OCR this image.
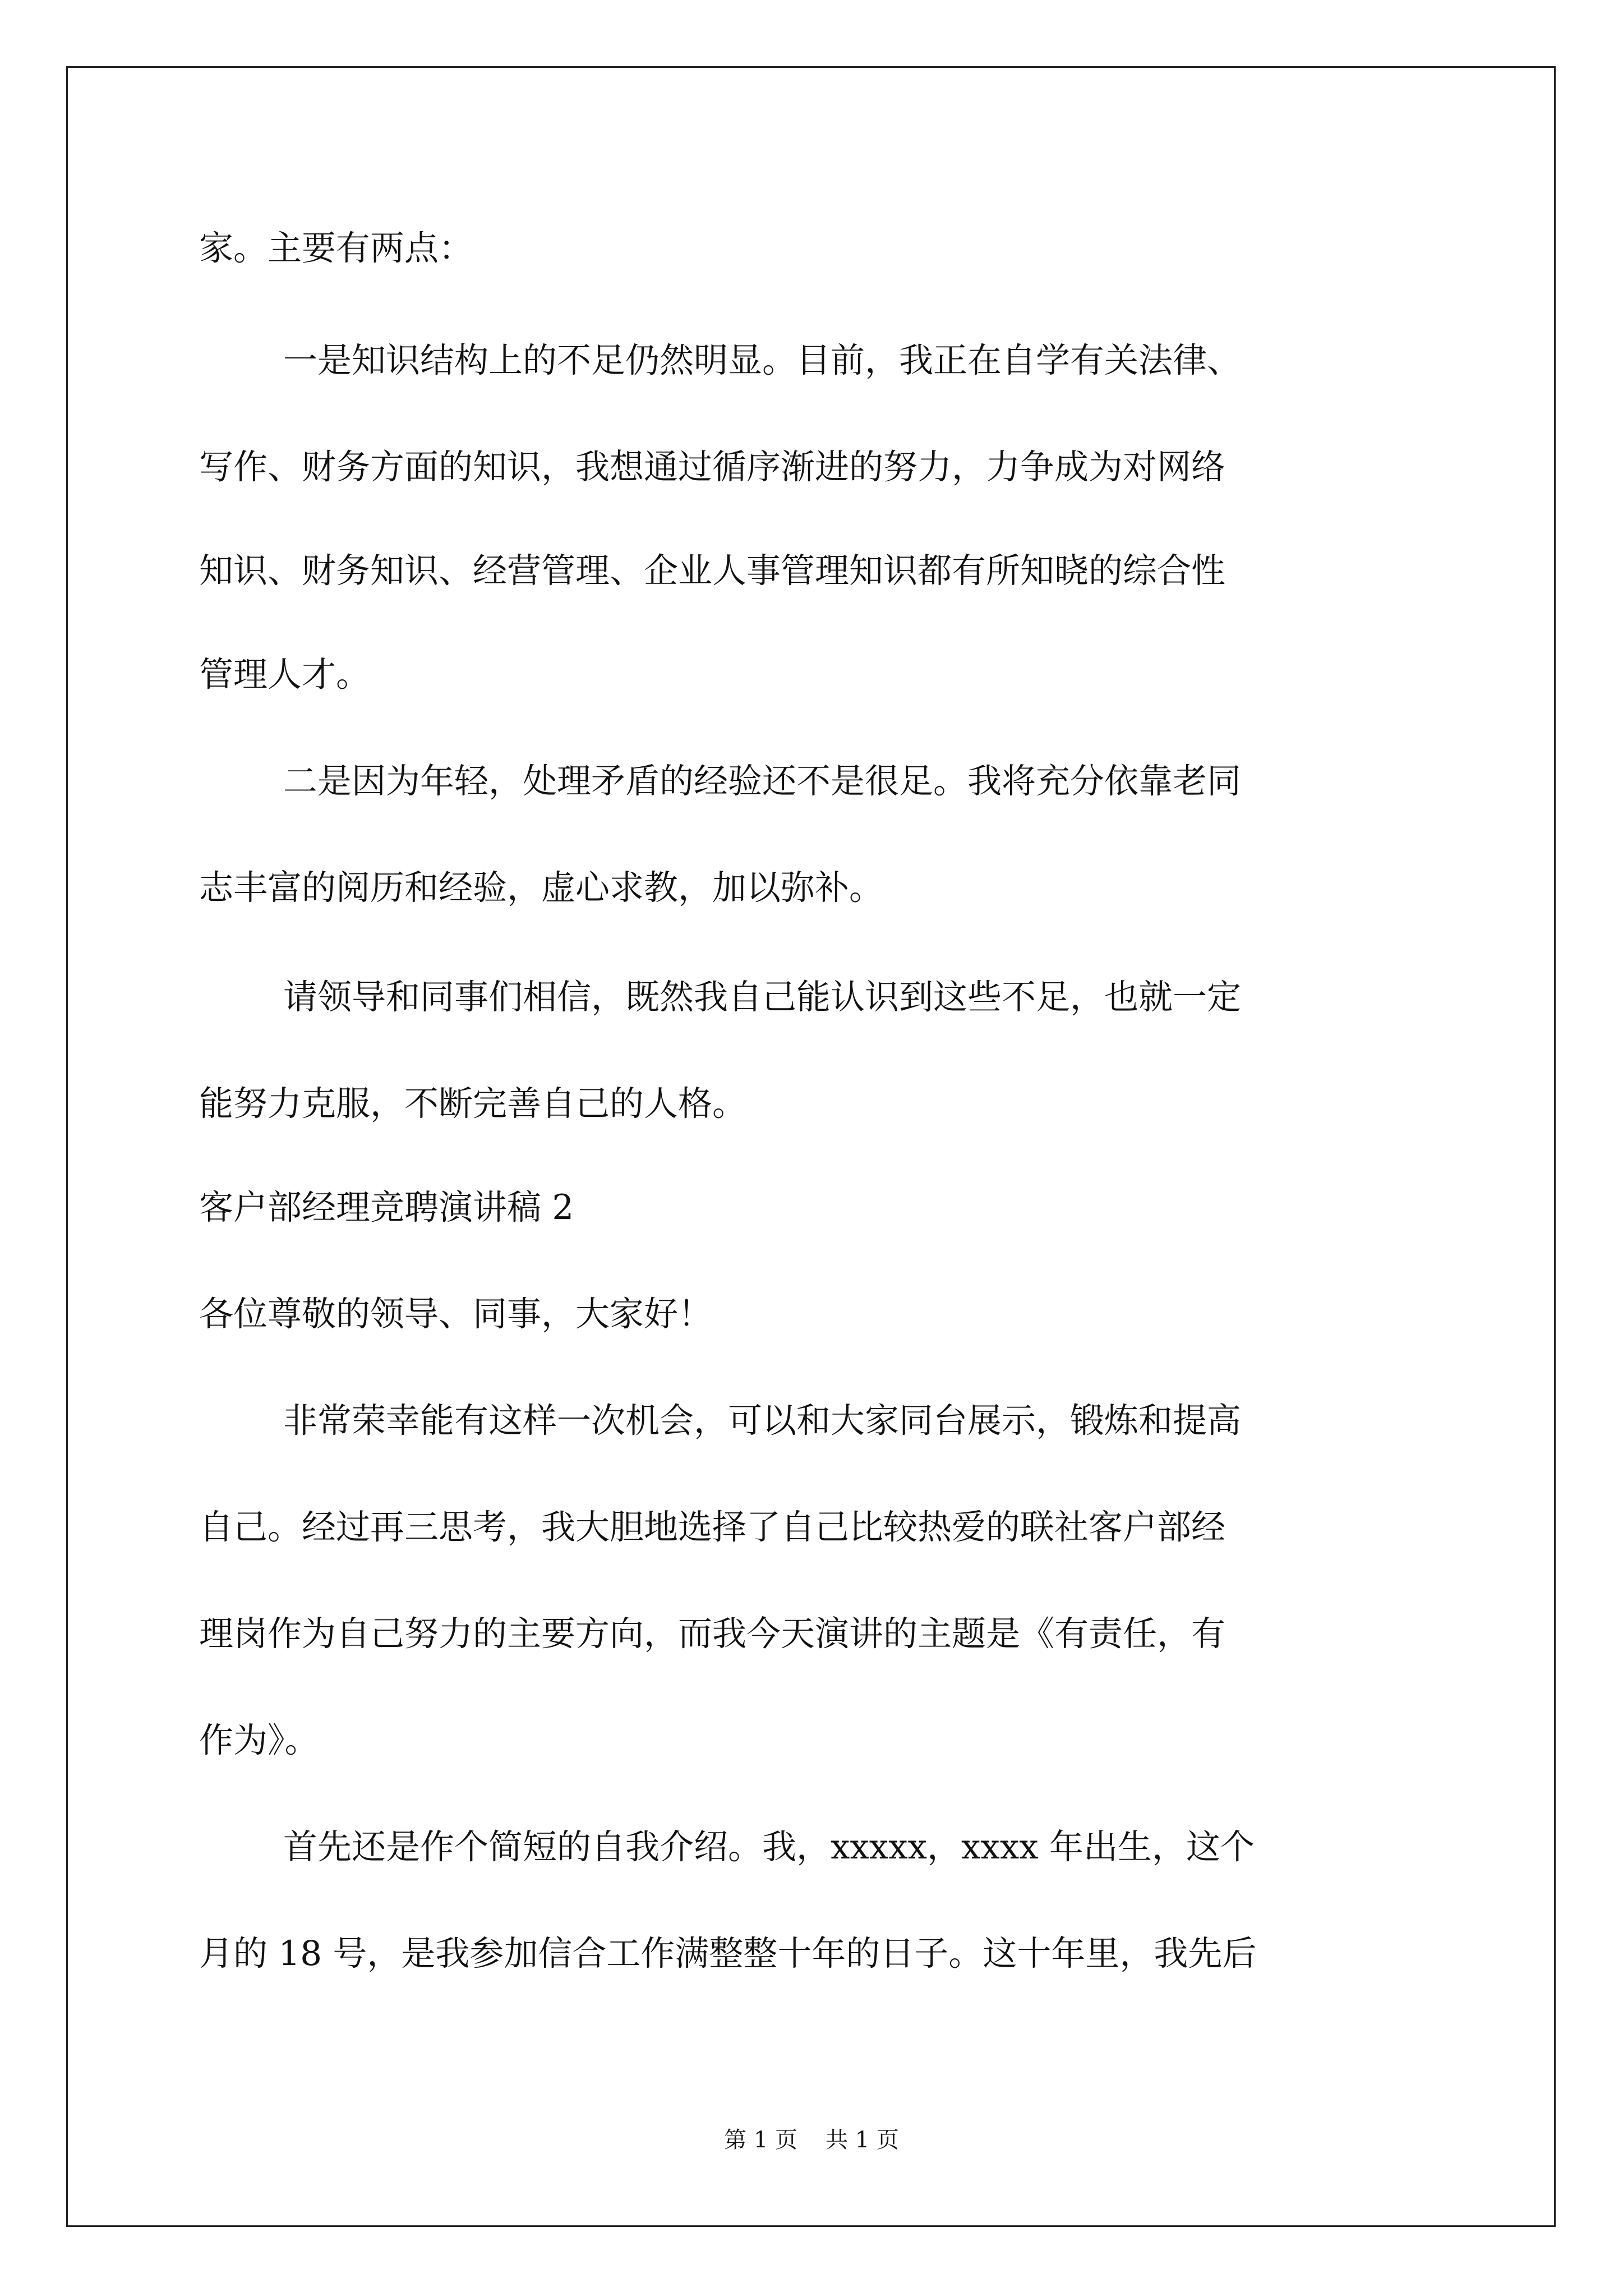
家。主要有两点：

一是知识结构上的不足仍然明显。目前，我正在自学有关法律、

写作、财务方面的知识，我想通过循序渐进的努力，力争成为对网络

知识、财务知识、经营管理、企业人事管理知识都有所知晓的综合性

管理人才。

二是因为年轻，处理矛盾的经验还不是很足。我将充分依靠老同

志丰富的阅历和经验，虚心求教，加以弥补。

请领导和同事们相信，既然我自己能认识到这些不足，也就一定

能努力克服，不断完善自己的人格。

客户部经理竞聘演讲稿 2

各位尊敬的领导、同事，大家好！

非常荣幸能有这样一次机会，可以和大家同台展示，锻炼和提高

自己。经过再三思考，我大胆地选择了自己比较热爱的联社客户部经

理岗作为自己努力的主要方向，而我今天演讲的主题是《有责任，有

作为》。

首先还是作个简短的自我介绍。我，xxxxx，xxxx 年出生，这个

月的 18 号，是我参加信合工作满整整十年的日子。这十年里，我先后

第 1 页 共 1 页
